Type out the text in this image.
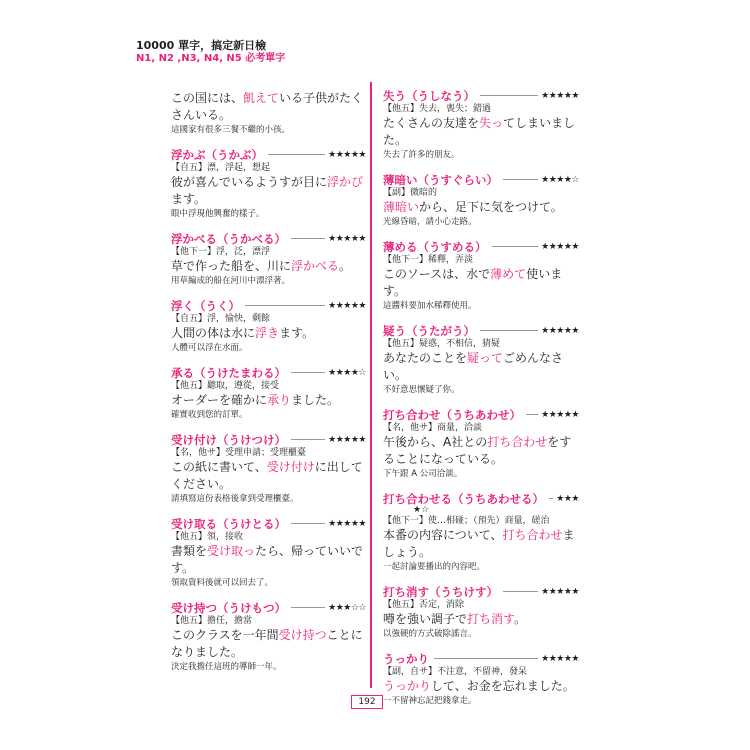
10000 單字，搞定新日檢
N1, N2 ,N3, N4, N5 必考單字
この国には、飢えている子供がたくさんいる。
這國家有很多三餐不繼的小孩。
浮かぶ（うかぶ）	★★★★★
【自五】漂，浮起，想起
彼が喜んでいるようすが目に浮かびます。
眼中浮現他興奮的樣子。
浮かべる（うかべる）	★★★★★
【他下一】浮，泛，漂浮
草で作った船を、川に浮かべる。
用草編成的船在河川中漂浮著。
浮く（うく）	★★★★★
【自五】浮，愉快，剩餘
人間の体は水に浮きます。
人體可以浮在水面。
承る（うけたまわる）	★★★★☆
【他五】聽取，遵從，接受
オーダーを確かに承りました。
確實收到您的訂單。
受け付け（うけつけ）	★★★★★
【名，他サ】受理申請；受理櫃臺
この紙に書いて、受け付けに出してください。
請填寫這份表格後拿到受理櫃臺。
受け取る（うけとる）	★★★★★
【他五】領，接收
書類を受け取ったら、帰っていいです。
領取資料後就可以回去了。
受け持つ（うけもつ）	★★★☆☆
【他五】擔任，擔當
このクラスを一年間受け持つことになりました。
決定我擔任這班的導師一年。
失う（うしなう）	★★★★★
【他五】失去，喪失；錯過
たくさんの友達を失ってしまいました。
失去了許多的朋友。
薄暗い（うすぐらい）	★★★★☆
【副】微暗的
薄暗いから、足下に気をつけて。
光線昏暗，請小心走路。
薄める（うすめる）	★★★★★
【他下一】稀釋，弄淡
このソースは、水で薄めて使います。
這醬料要加水稀釋使用。
疑う（うたがう）	★★★★★
【他五】疑惑，不相信，猜疑
あなたのことを疑ってごめんなさい。
不好意思懷疑了你。
打ち合わせ（うちあわせ） ★★★★★
【名，他サ】商量，洽談
午後から、A社との打ち合わせをすることになっている。
下午跟 A 公司洽談。
打ち合わせる（うちあわせる） ★★★
★☆
【他下一】使…相碰；（預先）商量，磋治
本番の内容について、打ち合わせましょう。
一起討論要播出的內容吧。
打ち消す（うちけす）	★★★★★
【他五】否定，消除
噂を強い調子で打ち消す。
以強硬的方式破除謠言。
うっかり	★★★★★
【副，自サ】不注意，不留神，發呆
うっかりして、お金を忘れました。
一不留神忘記把錢拿走。
192
